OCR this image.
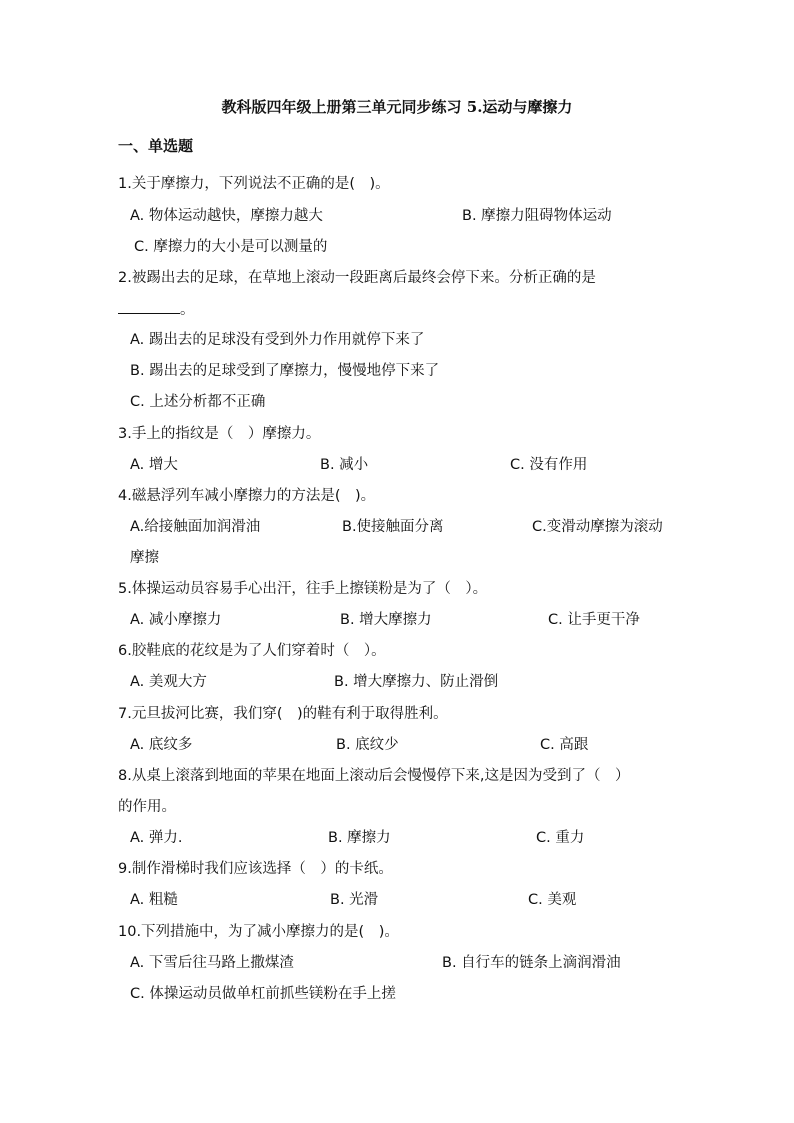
教科版四年级上册第三单元同步练习 5.运动与摩擦力
一、单选题
1.关于摩擦力，下列说法不正确的是(　)。
A. 物体运动越快，摩擦力越大	B. 摩擦力阻碍物体运动
C. 摩擦力的大小是可以测量的
2.被踢出去的足球，在草地上滚动一段距离后最终会停下来。分析正确的是
。
A. 踢出去的足球没有受到外力作用就停下来了
B. 踢出去的足球受到了摩擦力，慢慢地停下来了
C. 上述分析都不正确
3.手上的指纹是（　）摩擦力。
A. 增大	B. 减小	C. 没有作用
4.磁悬浮列车减小摩擦力的方法是(　)。
A.给接触面加润滑油	B.使接触面分离	C.变滑动摩擦为滚动
摩擦
5.体操运动员容易手心出汗，往手上擦镁粉是为了（　）。
A. 减小摩擦力	B. 增大摩擦力	C. 让手更干净
6.胶鞋底的花纹是为了人们穿着时（　）。
A. 美观大方	B. 增大摩擦力、防止滑倒
7.元旦拔河比赛，我们穿(　)的鞋有利于取得胜利。
A. 底纹多	B. 底纹少	C. 高跟
8.从桌上滚落到地面的苹果在地面上滚动后会慢慢停下来,这是因为受到了（　）
的作用。
A. 弹力.	B. 摩擦力	C. 重力
9.制作滑梯时我们应该选择（　）的卡纸。
A. 粗糙	B. 光滑	C. 美观
10.下列措施中，为了减小摩擦力的是(　)。
A. 下雪后往马路上撒煤渣	B. 自行车的链条上滴润滑油
C. 体操运动员做单杠前抓些镁粉在手上搓
